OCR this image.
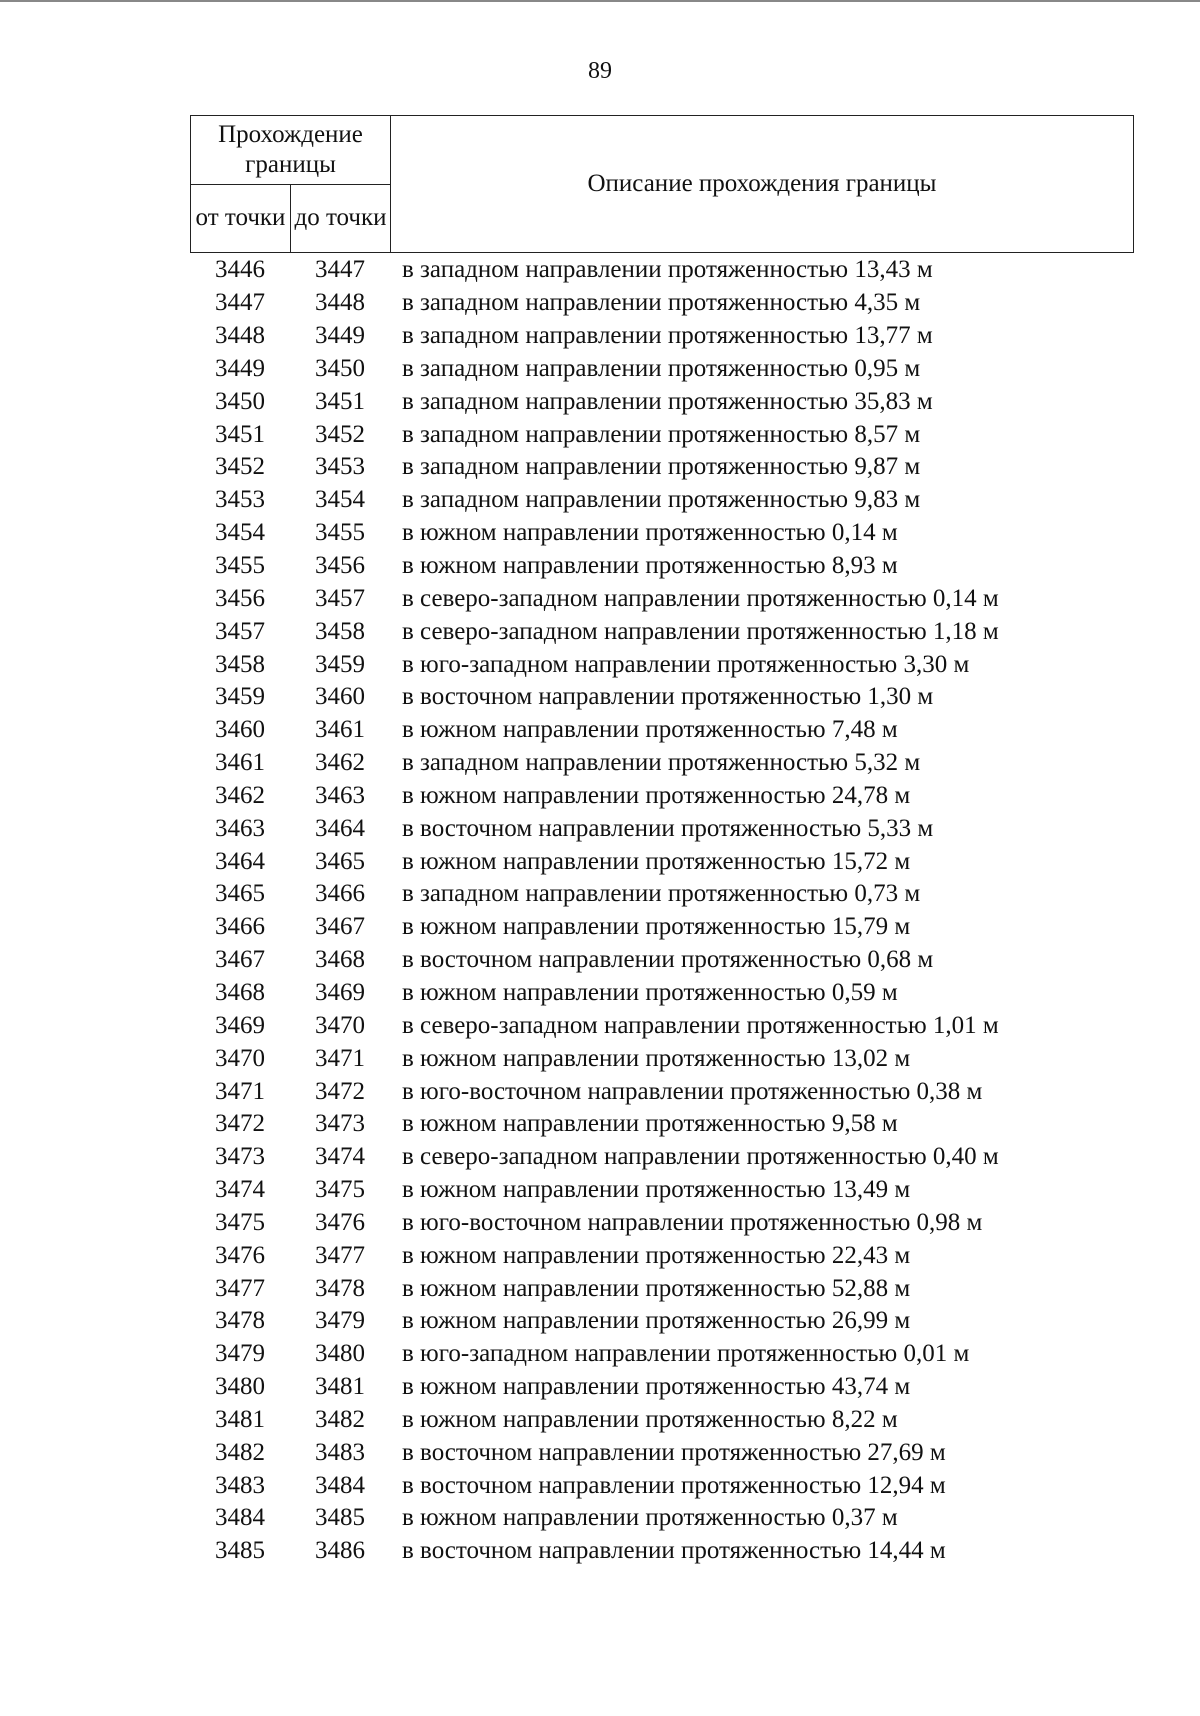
89
Прохождение границы		Описание прохождения границы
от точки	до точки	
3446	3447	в западном направлении протяженностью 13,43 м
3447	3448	в западном направлении протяженностью 4,35 м
3448	3449	в западном направлении протяженностью 13,77 м
3449	3450	в западном направлении протяженностью 0,95 м
3450	3451	в западном направлении протяженностью 35,83 м
3451	3452	в западном направлении протяженностью 8,57 м
3452	3453	в западном направлении протяженностью 9,87 м
3453	3454	в западном направлении протяженностью 9,83 м
3454	3455	в южном направлении протяженностью 0,14 м
3455	3456	в южном направлении протяженностью 8,93 м
3456	3457	в северо-западном направлении протяженностью 0,14 м
3457	3458	в северо-западном направлении протяженностью 1,18 м
3458	3459	в юго-западном направлении протяженностью 3,30 м
3459	3460	в восточном направлении протяженностью 1,30 м
3460	3461	в южном направлении протяженностью 7,48 м
3461	3462	в западном направлении протяженностью 5,32 м
3462	3463	в южном направлении протяженностью 24,78 м
3463	3464	в восточном направлении протяженностью 5,33 м
3464	3465	в южном направлении протяженностью 15,72 м
3465	3466	в западном направлении протяженностью 0,73 м
3466	3467	в южном направлении протяженностью 15,79 м
3467	3468	в восточном направлении протяженностью 0,68 м
3468	3469	в южном направлении протяженностью 0,59 м
3469	3470	в северо-западном направлении протяженностью 1,01 м
3470	3471	в южном направлении протяженностью 13,02 м
3471	3472	в юго-восточном направлении протяженностью 0,38 м
3472	3473	в южном направлении протяженностью 9,58 м
3473	3474	в северо-западном направлении протяженностью 0,40 м
3474	3475	в южном направлении протяженностью 13,49 м
3475	3476	в юго-восточном направлении протяженностью 0,98 м
3476	3477	в южном направлении протяженностью 22,43 м
3477	3478	в южном направлении протяженностью 52,88 м
3478	3479	в южном направлении протяженностью 26,99 м
3479	3480	в юго-западном направлении протяженностью 0,01 м
3480	3481	в южном направлении протяженностью 43,74 м
3481	3482	в южном направлении протяженностью 8,22 м
3482	3483	в восточном направлении протяженностью 27,69 м
3483	3484	в восточном направлении протяженностью 12,94 м
3484	3485	в южном направлении протяженностью 0,37 м
3485	3486	в восточном направлении протяженностью 14,44 м
